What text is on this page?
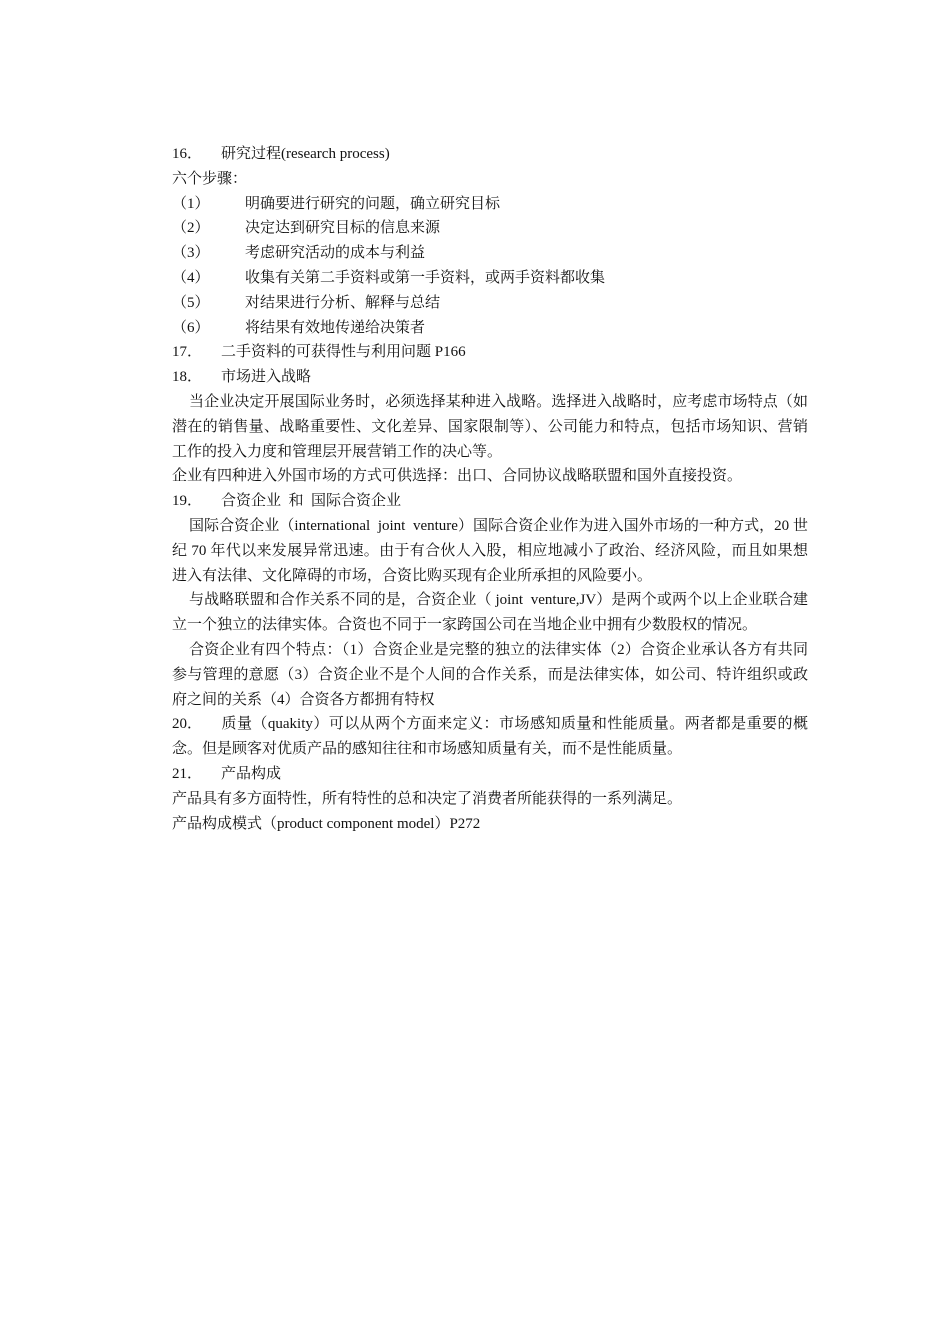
16．	研究过程(research process)
六个步骤：
（1）	明确要进行研究的问题，确立研究目标
（2）	决定达到研究目标的信息来源
（3）	考虑研究活动的成本与利益
（4）	收集有关第二手资料或第一手资料，或两手资料都收集
（5）	对结果进行分析、解释与总结
（6）	将结果有效地传递给决策者
17．	二手资料的可获得性与利用问题 P166
18．	市场进入战略
当企业决定开展国际业务时，必须选择某种进入战略。选择进入战略时，应考虑市场特点（如潜在的销售量、战略重要性、文化差异、国家限制等）、公司能力和特点，包括市场知识、营销工作的投入力度和管理层开展营销工作的决心等。
企业有四种进入外国市场的方式可供选择：出口、合同协议战略联盟和国外直接投资。
19．	合资企业  和  国际合资企业
国际合资企业（international  joint  venture）国际合资企业作为进入国外市场的一种方式，20 世纪 70 年代以来发展异常迅速。由于有合伙人入股，相应地减小了政治、经济风险，而且如果想进入有法律、文化障碍的市场，合资比购买现有企业所承担的风险要小。
与战略联盟和合作关系不同的是，合资企业（ joint  venture,JV）是两个或两个以上企业联合建立一个独立的法律实体。合资也不同于一家跨国公司在当地企业中拥有少数股权的情况。
合资企业有四个特点：（1）合资企业是完整的独立的法律实体（2）合资企业承认各方有共同参与管理的意愿（3）合资企业不是个人间的合作关系，而是法律实体，如公司、特许组织或政府之间的关系（4）合资各方都拥有特权
20． 质量（quakity）可以从两个方面来定义：市场感知质量和性能质量。两者都是重要的概念。但是顾客对优质产品的感知往往和市场感知质量有关，而不是性能质量。
21．	产品构成
产品具有多方面特性，所有特性的总和决定了消费者所能获得的一系列满足。
产品构成模式（product component model）P272
